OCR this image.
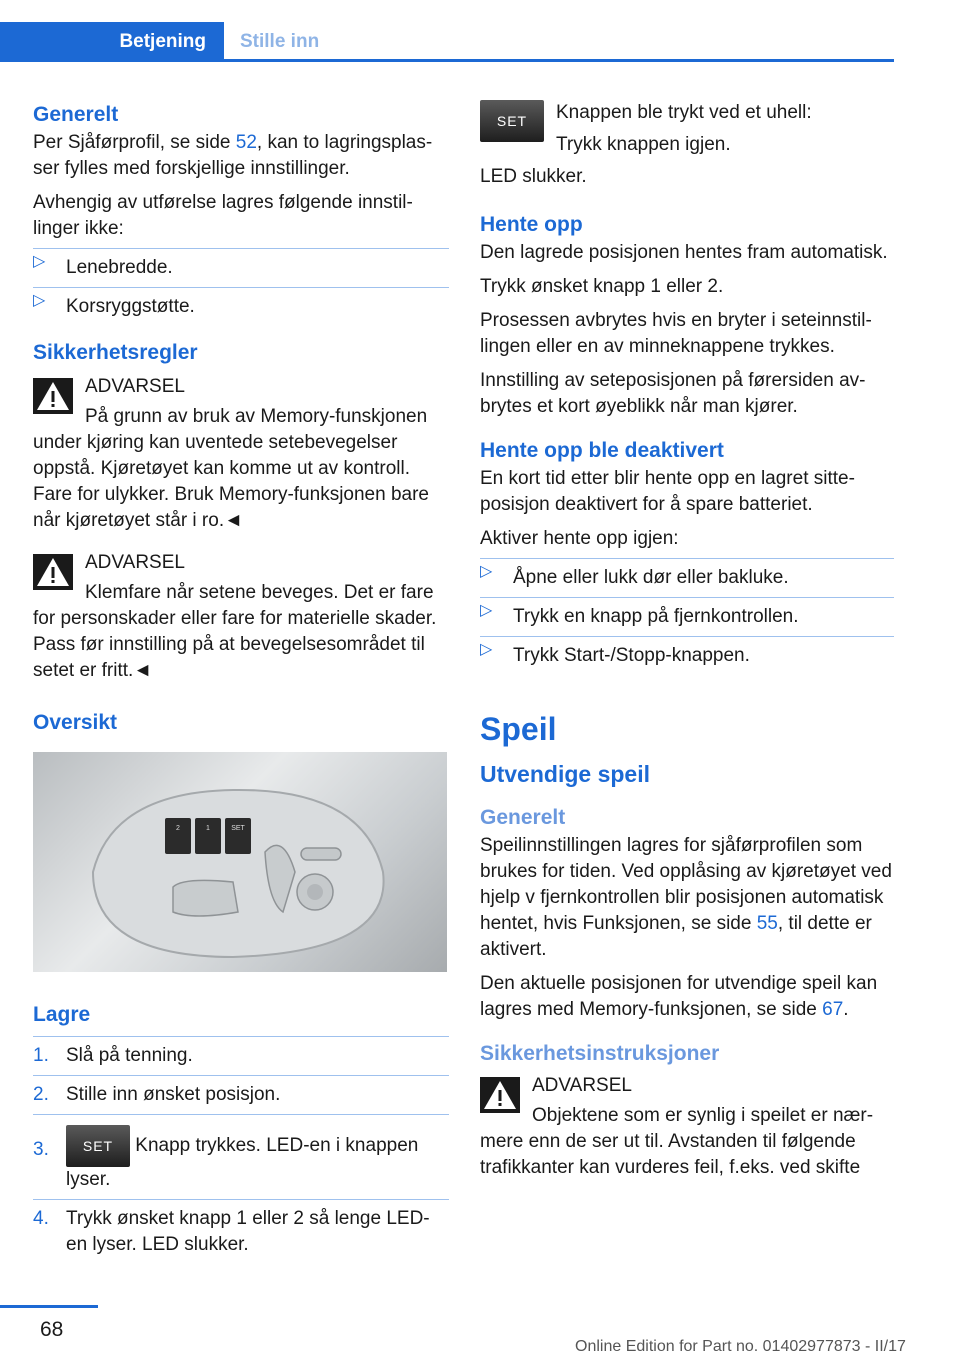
Betjening	Stille inn
Generelt

Per Sjåførprofil, se side 52, kan to lagringsplasser fylles med forskjellige innstillinger.

Avhengig av utførelse lagres følgende innstillinger ikke:

▷ Lenebredde.
▷ Korsryggstøtte.
Sikkerhetsregler

ADVARSEL

På grunn av bruk av Memory-funskjonen under kjøring kan uventede setebevegelser oppstå. Kjøretøyet kan komme ut av kontroll. Fare for ulykker. Bruk Memory-funksjonen bare når kjøretøyet står i ro.◄

ADVARSEL

Klemfare når setene beveges. Det er fare for personskader eller fare for materielle skader. Pass før innstilling på at bevegelsesområdet til setet er fritt.◄

Oversikt
2	1	SET
Lagre
1. Slå på tenning.
2. Stille inn ønsket posisjon.
3. SET Knapp trykkes. LED-en i knappen lyser.
4. Trykk ønsket knapp 1 eller 2 så lenge LED-en lyser. LED slukker.
SET	Knappen ble trykt ved et uhell:

Trykk knappen igjen.

LED slukker.

Hente opp

Den lagrede posisjonen hentes fram automatisk.

Trykk ønsket knapp 1 eller 2.

Prosessen avbrytes hvis en bryter i seteinnstillingen eller en av minneknappene trykkes.

Innstilling av seteposisjonen på førersiden avbrytes et kort øyeblikk når man kjører.

Hente opp ble deaktivert

En kort tid etter blir hente opp en lagret sitteposisjon deaktivert for å spare batteriet.

Aktiver hente opp igjen:

▷ Åpne eller lukk dør eller bakluke.
▷ Trykk en knapp på fjernkontrollen.
▷ Trykk Start-/Stopp-knappen.
Speil
Utvendige speil
Generelt

Speilinnstillingen lagres for sjåførprofilen som brukes for tiden. Ved opplåsing av kjøretøyet ved hjelp v fjernkontrollen blir posisjonen automatisk hentet, hvis Funksjonen, se side 55, til dette er aktivert.

Den aktuelle posisjonen for utvendige speil kan lagres med Memory-funksjonen, se side 67.

Sikkerhetsinstruksjoner

ADVARSEL

Objektene som er synlig i speilet er nærmere enn de ser ut til. Avstanden til følgende trafikkanter kan vurderes feil, f.eks. ved skifte

68
Online Edition for Part no. 01402977873 - II/17
